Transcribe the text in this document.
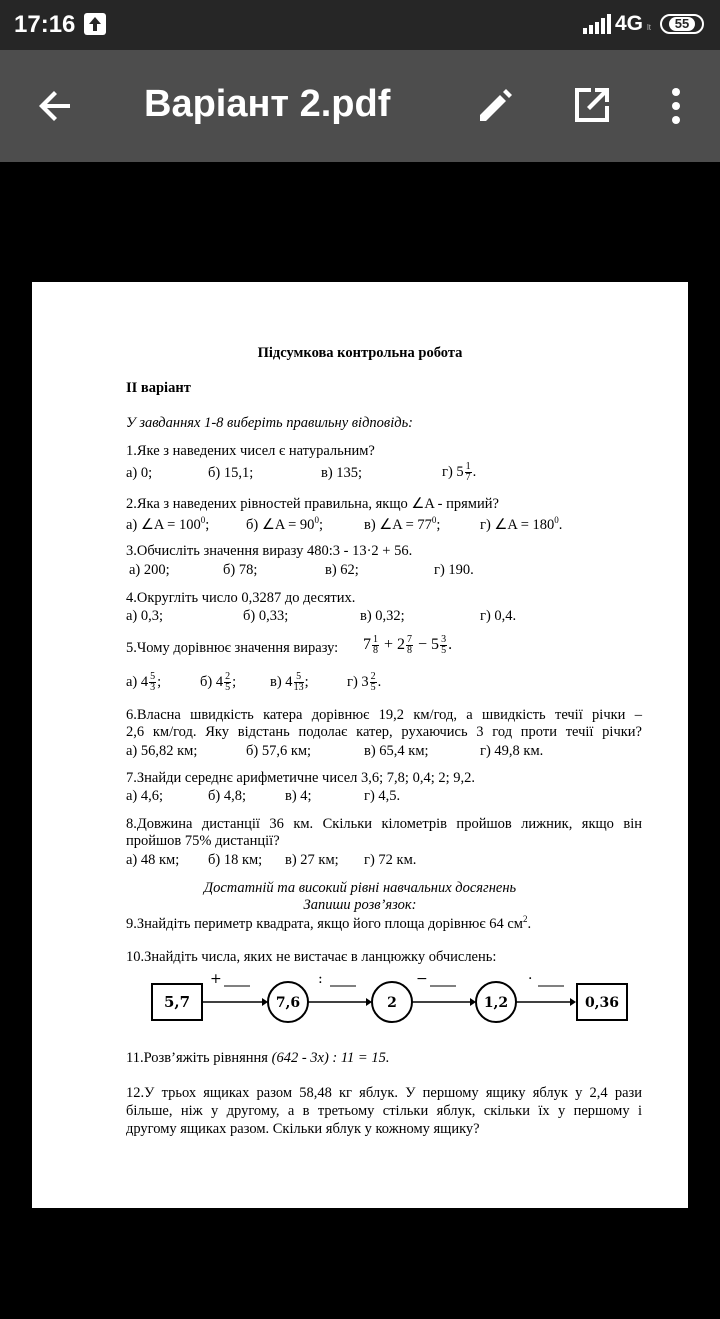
17:16	4G lt	55
Варіант 2.pdf
Підсумкова контрольна робота
ІІ варіант
У завданнях 1-8 виберіть правильну відповідь:
1.Яке з наведених чисел є натуральним?
а) 0;	б) 15,1;	в) 135;	г) $5 \frac{1}{7}$ .
2.Яка з наведених рівностей правильна, якщо ∠A - прямий?
а) ∠A = $100^0$;	б) ∠A = $90^0$;	в) ∠A = $77^0$;	г) ∠A = $180^0$.
3.Обчисліть значення виразу 480:3 - 13·2 + 56.
а) 200;	б) 78;	в) 62;	г) 190.
4.Округліть число 0,3287 до десятих.
а) 0,3;	б) 0,33;	в) 0,32;	г) 0,4.
5.Чому дорівнює значення виразу: $7 \frac{1}{8} + 2 \frac{7}{8} - 5 \frac{3}{5}$ .
а) $4 \frac{5}{3}$ ;	б) $4 \frac{2}{5}$ ; в) $4 \frac{5}{13}$ ;	г) $3 \frac{2}{5}$ .
6.Власна швидкість катера дорівнює 19,2 км/год, а швидкість течії річки –
2,6 км/год. Яку відстань подолає катер, рухаючись 3 год проти течії річки?
а) 56,82 км;	б) 57,6 км;	в) 65,4 км;	г) 49,8 км.
7.Знайди середнє арифметичне чисел 3,6; 7,8; 0,4; 2; 9,2.
а) 4,6;	б) 4,8;	в) 4;	г) 4,5.
8.Довжина дистанції 36 км. Скільки кілометрів пройшов лижник, якщо він
пройшов 75% дистанції?
а) 48 км; б) 18 км; в) 27 км; г) 72 км.
Достатній та високий рівні навчальних досягнень
Запиши розв’язок:
9.Знайдіть периметр квадрата, якщо його площа дорівнює 64 $см^2$.
10.Знайдіть числа, яких не вистачає в ланцюжку обчислень:
5,7
+
7,6
:
2
−
1,2
·
0,36
11.Розв’яжіть рівняння (642 - 3x) : 11 = 15.
12.У трьох ящиках разом 58,48 кг яблук. У першому ящику яблук у 2,4 рази
більше, ніж у другому, а в третьому стільки яблук, скільки їх у першому і
другому ящиках разом. Скільки яблук у кожному ящику?
